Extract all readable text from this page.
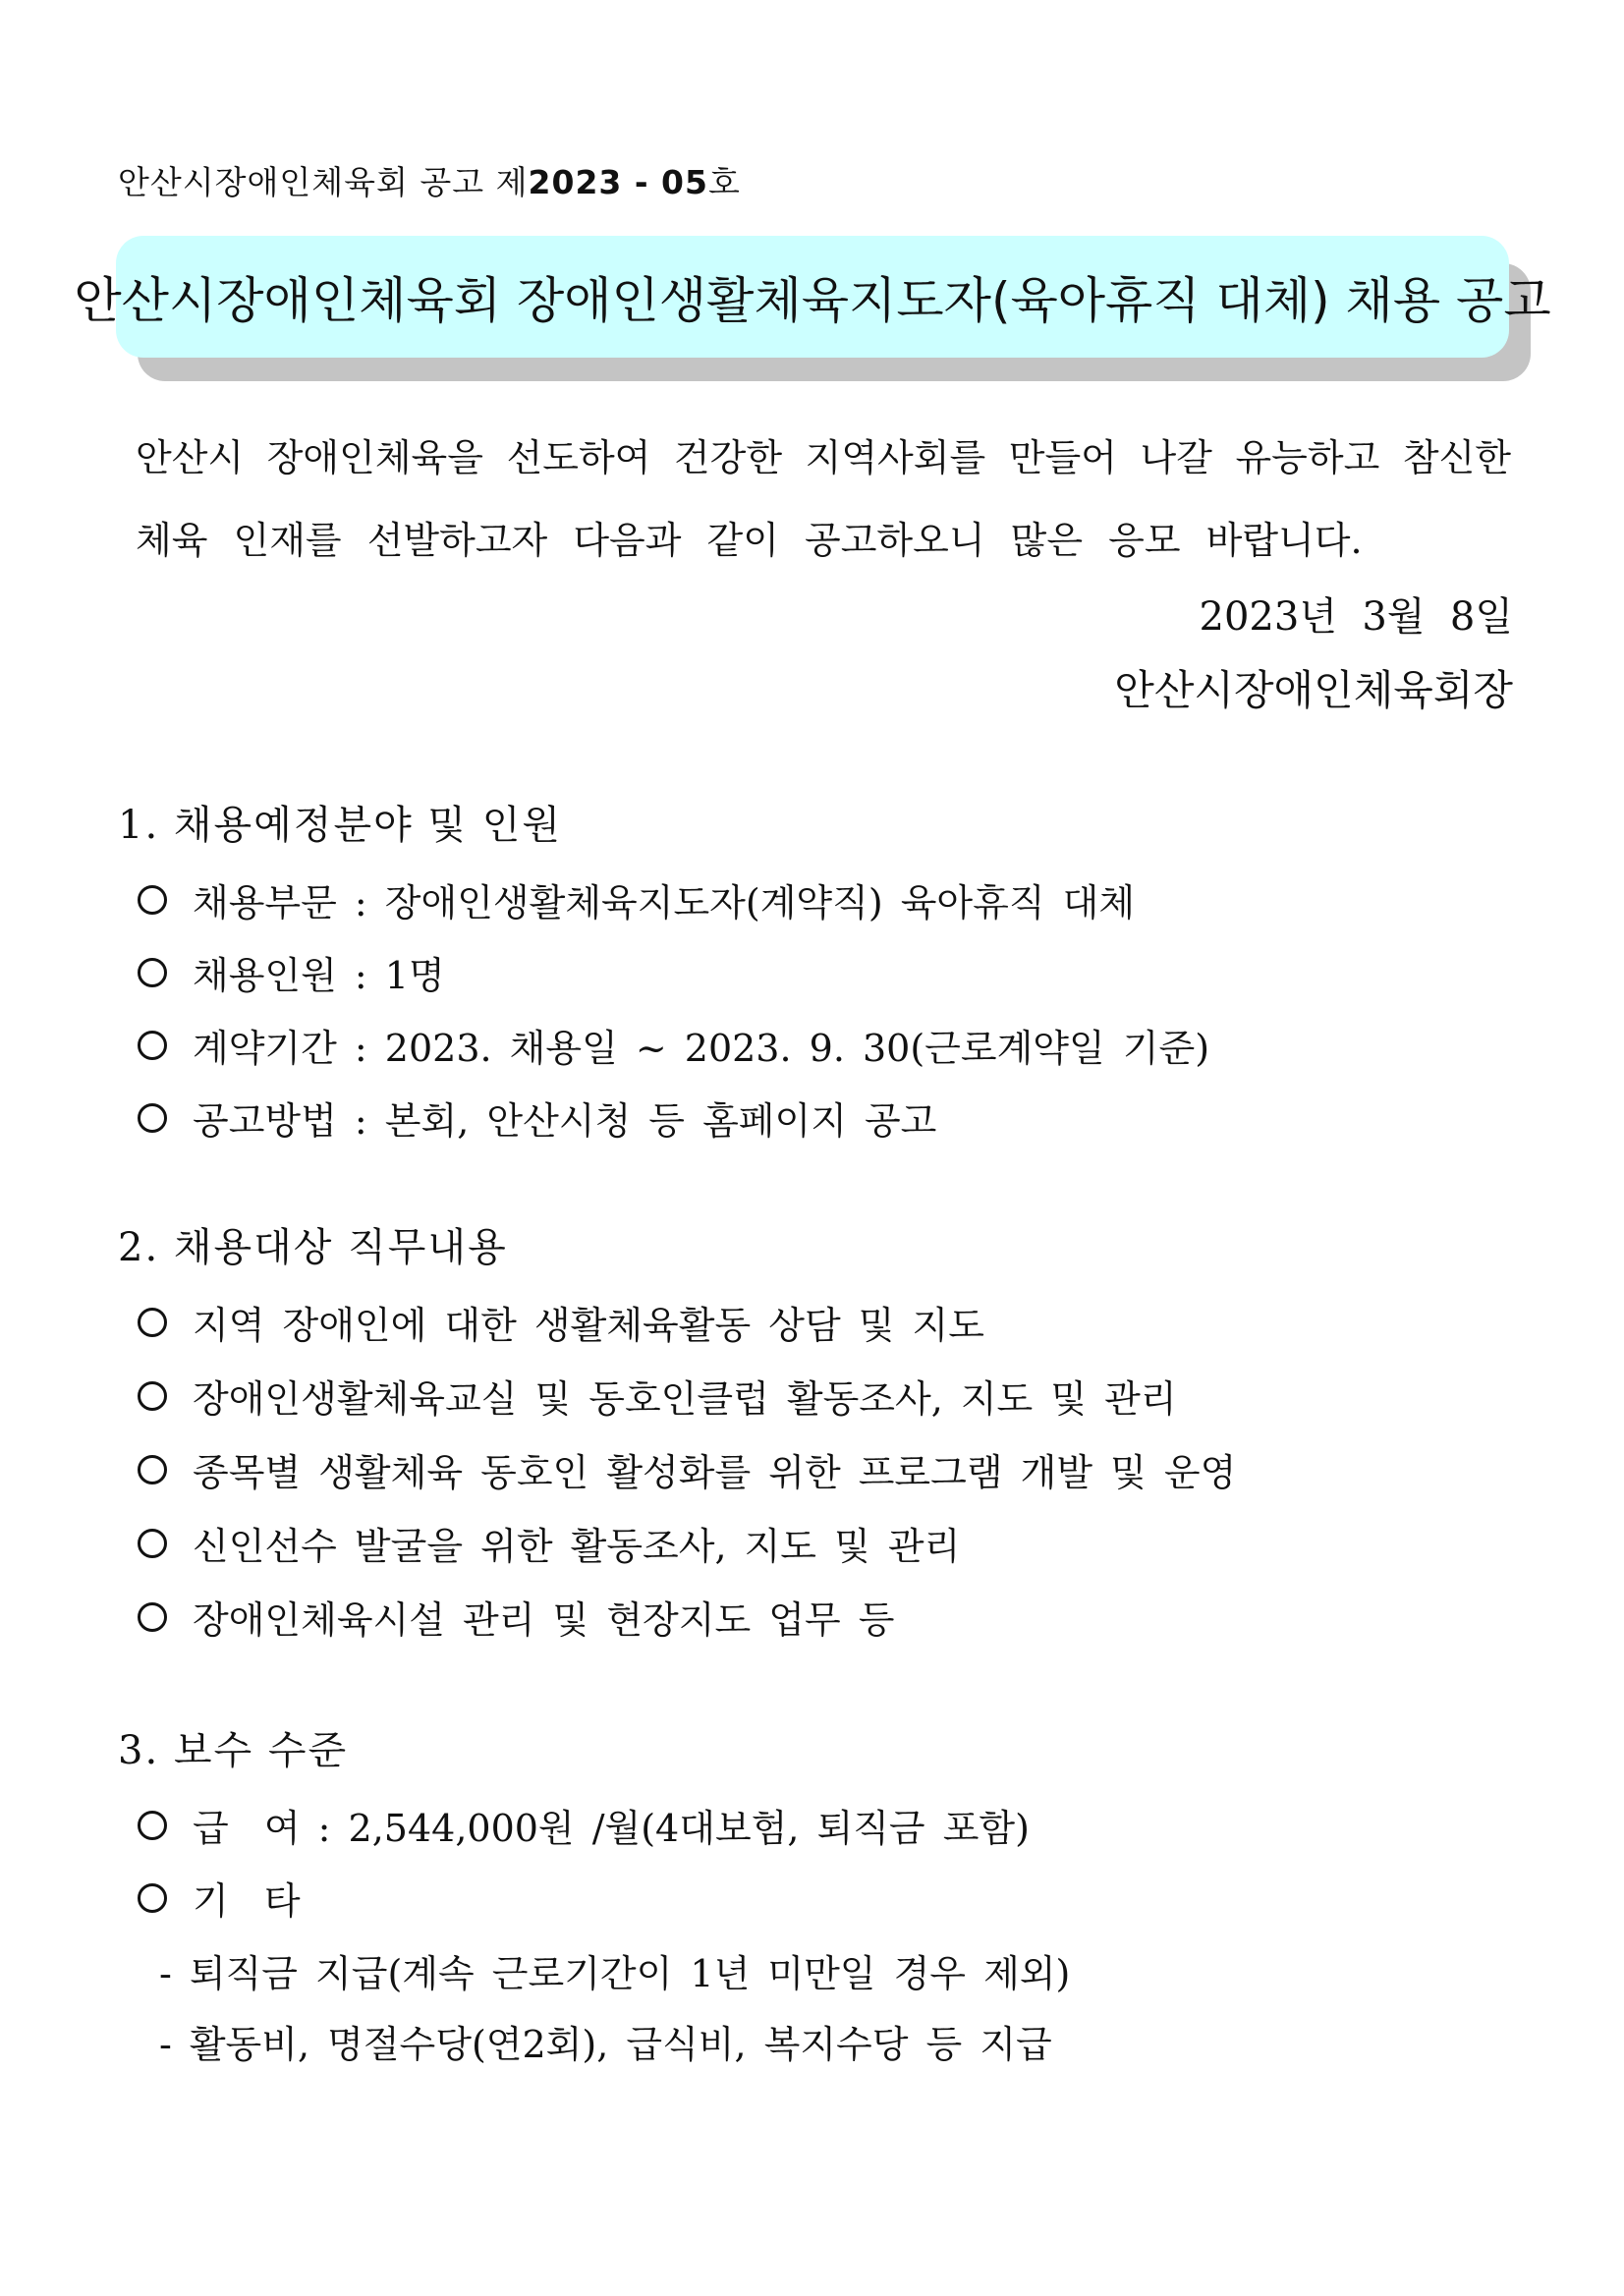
안산시장애인체육회 공고 제2023 - 05호
안산시장애인체육회 장애인생활체육지도자(육아휴직 대체) 채용 공고
안산시 장애인체육을 선도하여 건강한 지역사회를 만들어 나갈 유능하고 참신한
체육 인재를 선발하고자 다음과 같이 공고하오니 많은 응모 바랍니다.
2023년  3월  8일
안산시장애인체육회장
1. 채용예정분야 및 인원
채용부문 : 장애인생활체육지도자(계약직) 육아휴직 대체
채용인원 : 1명
계약기간 : 2023. 채용일 ~ 2023. 9. 30(근로계약일 기준)
공고방법 : 본회, 안산시청 등 홈페이지 공고
2. 채용대상 직무내용
지역 장애인에 대한 생활체육활동 상담 및 지도
장애인생활체육교실 및 동호인클럽 활동조사, 지도 및 관리
종목별 생활체육 동호인 활성화를 위한 프로그램 개발 및 운영
신인선수 발굴을 위한 활동조사, 지도 및 관리
장애인체육시설 관리 및 현장지도 업무 등
3. 보수 수준
급  여 : 2,544,000원 /월(4대보험, 퇴직금 포함)
기  타
- 퇴직금 지급(계속 근로기간이 1년 미만일 경우 제외)
- 활동비, 명절수당(연2회), 급식비, 복지수당 등 지급
